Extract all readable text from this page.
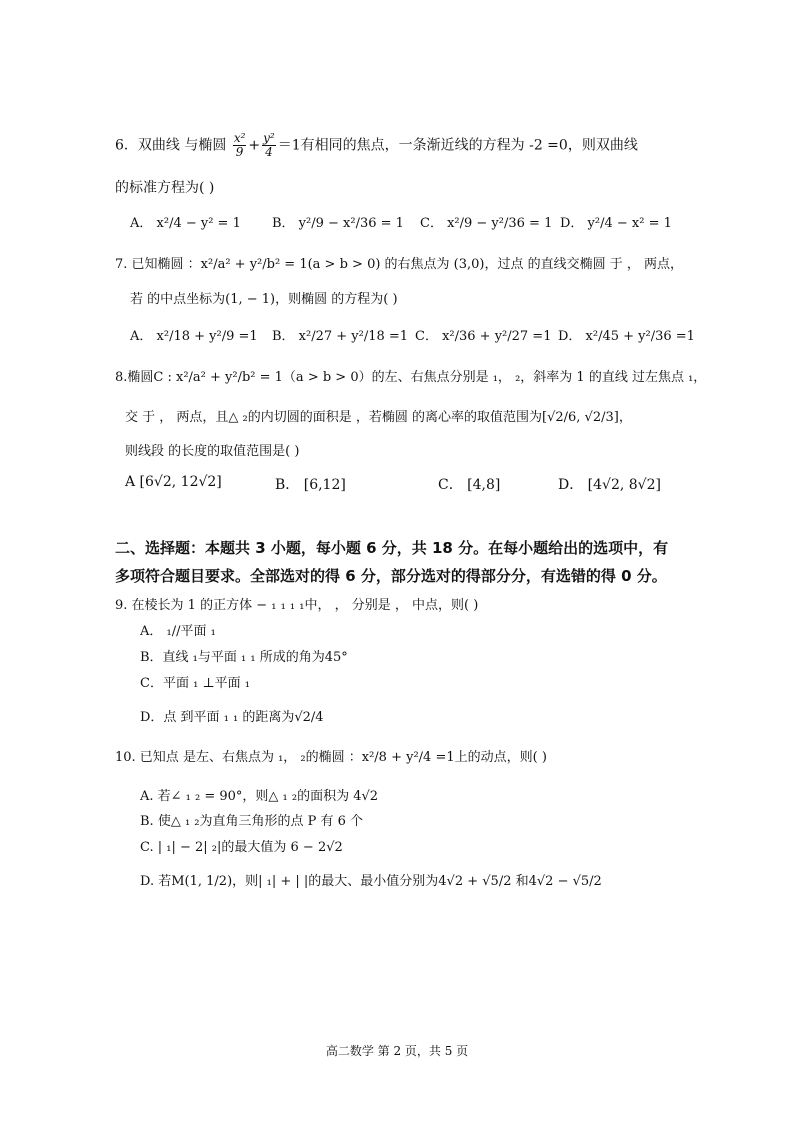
6．双曲线 与椭圆 $\frac{\text{x²}}{9} + \frac{\text{y²}}{4} =1$有相同的焦点，一条渐近线的方程为 -2 =0，则双曲线
的标准方程为( )
A． x²/4 − y² = 1 B． y²/9 − x²/36 = 1 C． x²/9 − y²/36 = 1 D． y²/4 − x² = 1
7. 已知椭圆 ：x²/a² + y²/b² = 1(a > b > 0) 的右焦点为 (3,0)，过点 的直线交椭圆 于 ， 两点，
若 的中点坐标为(1, − 1)，则椭圆 的方程为( )
A． x²/18 + y²/9 =1 B． x²/27 + y²/18 =1 C． x²/36 + y²/27 =1 D． x²/45 + y²/36 =1
8.椭圆C : x²/a² + y²/b² = 1（a > b > 0）的左、右焦点分别是 ₁， ₂，斜率为 1 的直线 过左焦点 ₁，
交 于 ， 两点，且△ ₂的内切圆的面积是 ，若椭圆 的离心率的取值范围为[√2/6, √2/3]，
则线段 的长度的取值范围是( )
A [6√2, 12√2]	B． [6,12]	C． [4,8]	D． [4√2, 8√2]
二、选择题：本题共 3 小题，每小题 6 分，共 18 分。在每小题给出的选项中，有
多项符合题目要求。全部选对的得 6 分，部分选对的得部分分，有选错的得 0 分。
9. 在棱长为 1 的正方体 − ₁ ₁ ₁ ₁中， ， 分别是 ， 中点，则( )
A． ₁//平面 ₁
B．直线 ₁与平面 ₁ ₁ 所成的角为45°
C．平面 ₁ ⊥平面 ₁
D．点 到平面 ₁ ₁ 的距离为√2/4
10. 已知点 是左、右焦点为 ₁， ₂的椭圆 ：x²/8 + y²/4 =1上的动点，则( )
A. 若∠ ₁ ₂ = 90°，则△ ₁ ₂的面积为 4√2
B. 使△ ₁ ₂为直角三角形的点 P 有 6 个
C. | ₁| − 2| ₂|的最大值为 6 − 2√2
D. 若M(1, 1/2)，则| ₁| + | |的最大、最小值分别为4√2 + √5/2 和4√2 − √5/2
高二数学 第 2 页，共 5 页
